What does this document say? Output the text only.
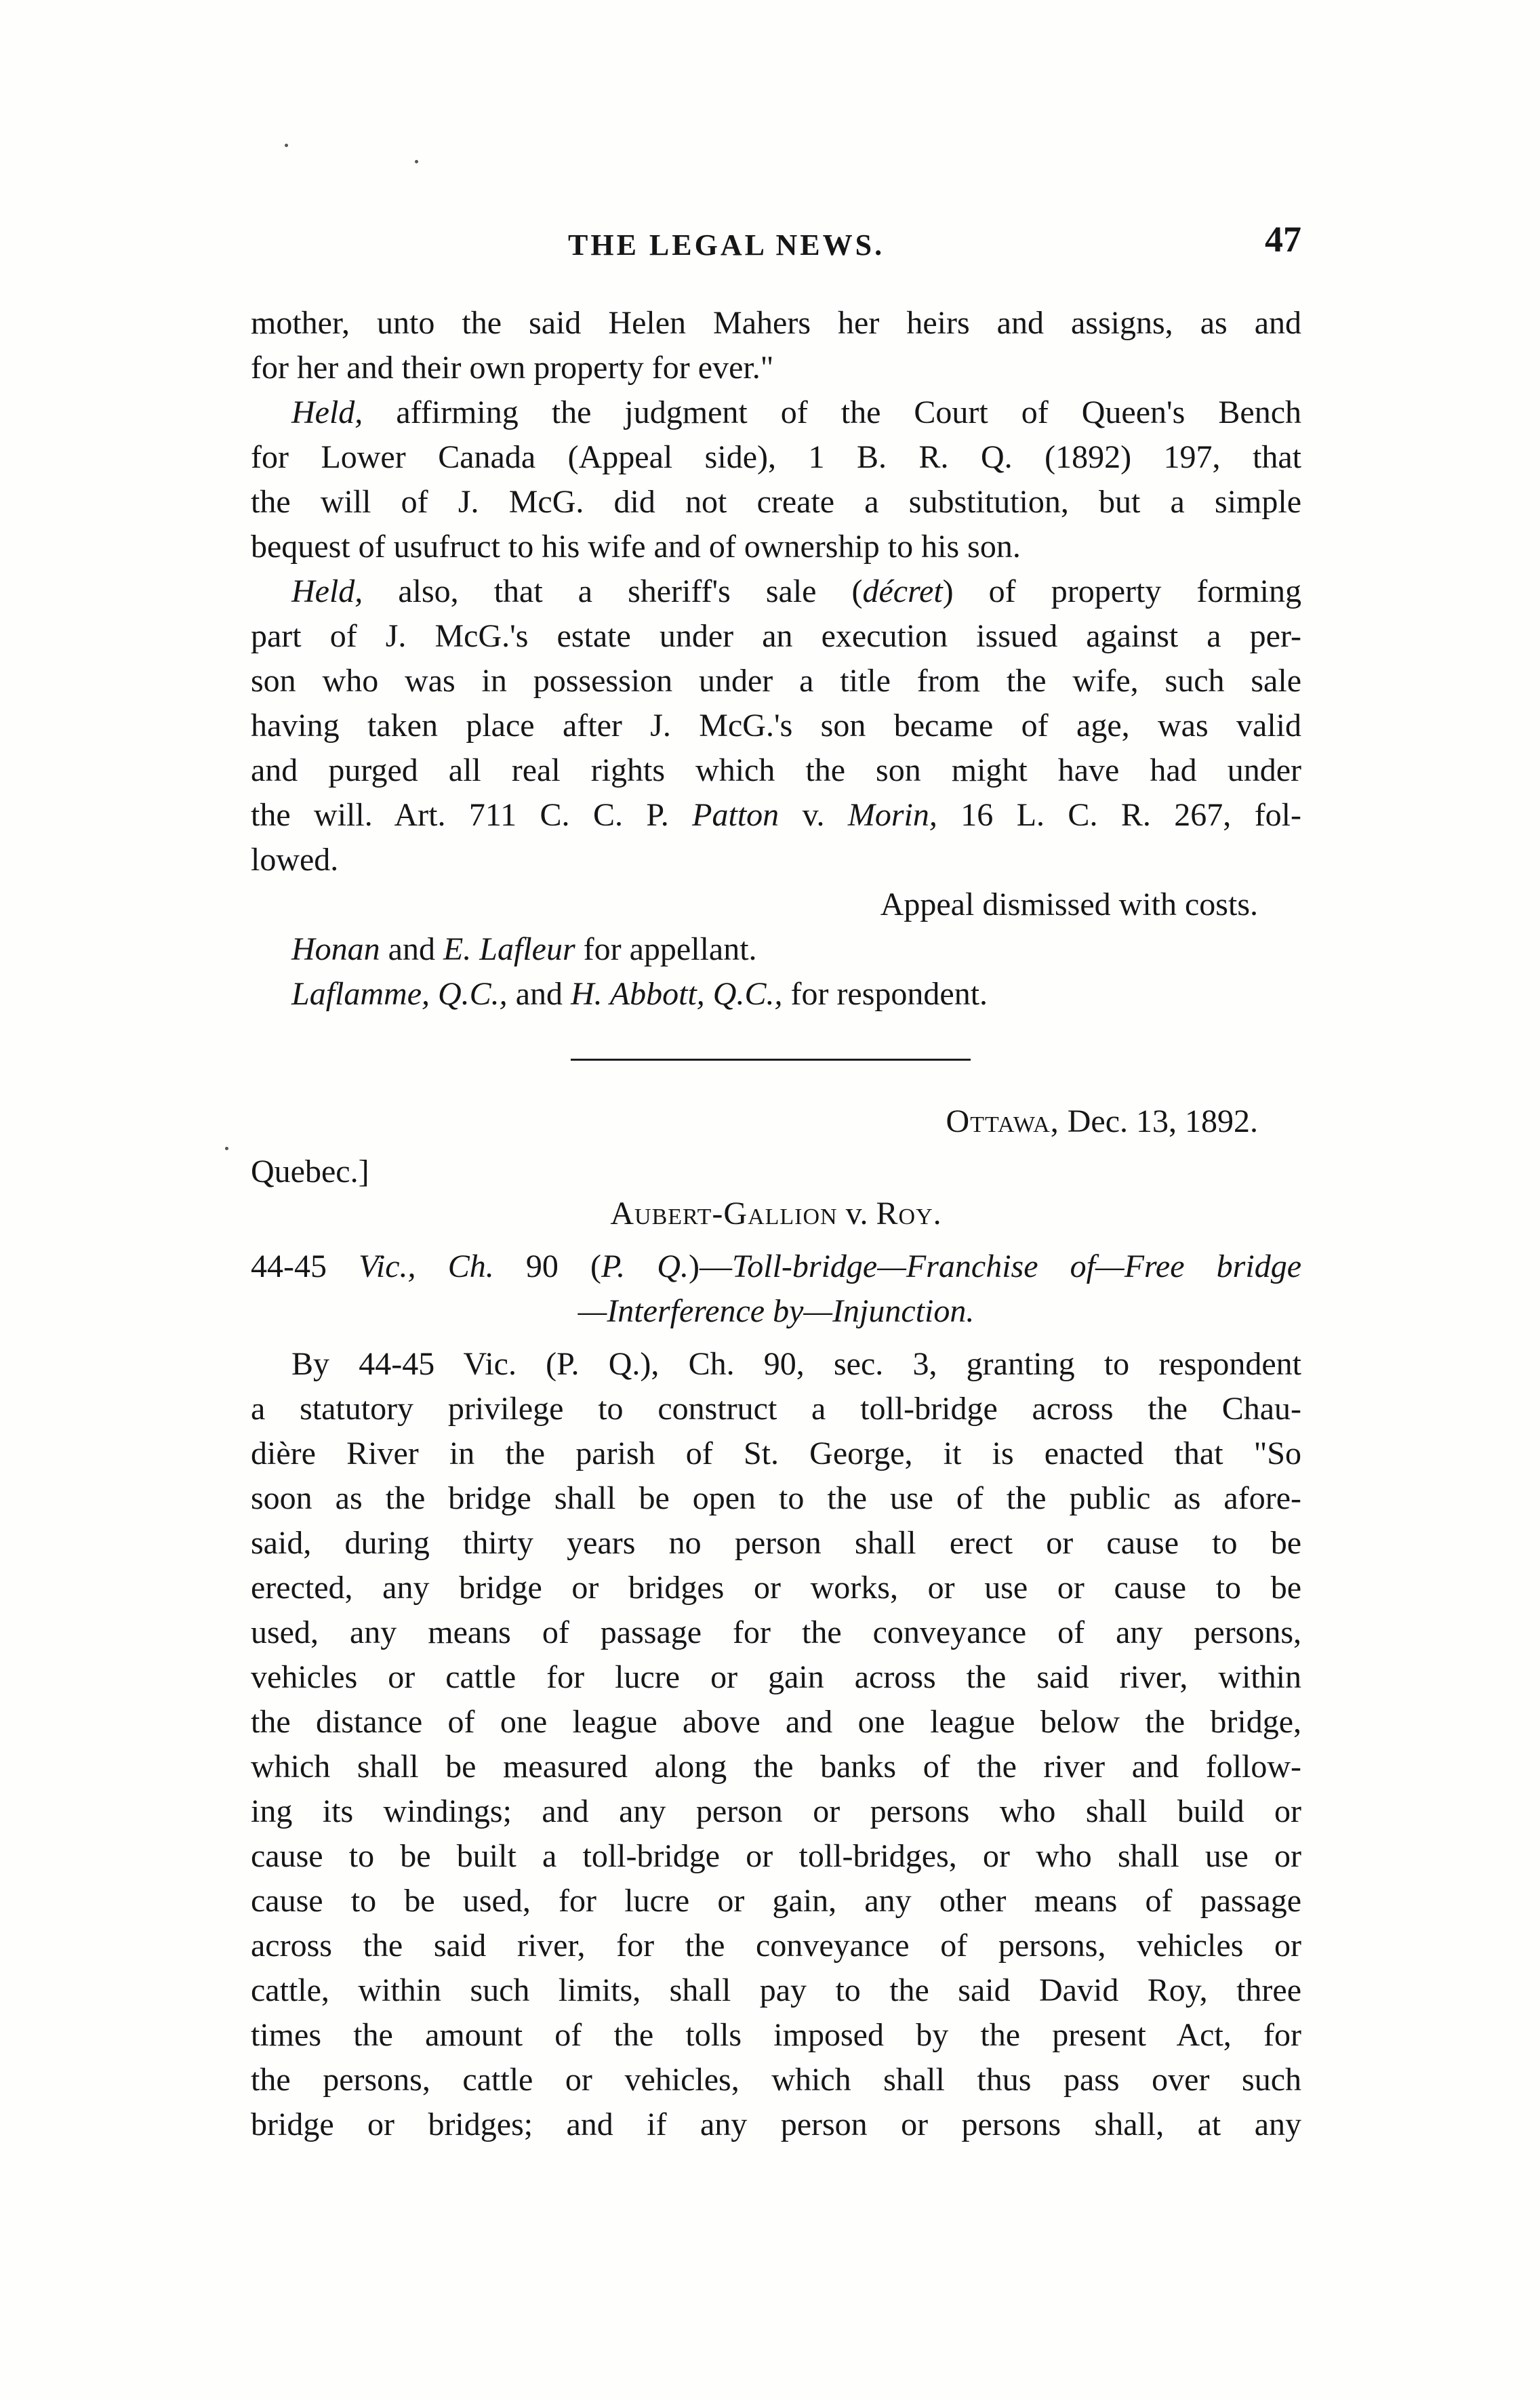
THE LEGAL NEWS.	47
mother, unto the said Helen Mahers her heirs and assigns, as and
for her and their own property for ever."
Held, affirming the judgment of the Court of Queen's Bench
for Lower Canada (Appeal side), 1 B. R. Q. (1892) 197, that
the will of J. McG. did not create a substitution, but a simple
bequest of usufruct to his wife and of ownership to his son.
Held, also, that a sheriff's sale (décret) of property forming
part of J. McG.'s estate under an execution issued against a per-
son who was in possession under a title from the wife, such sale
having taken place after J. McG.'s son became of age, was valid
and purged all real rights which the son might have had under
the will. Art. 711 C. C. P. Patton v. Morin, 16 L. C. R. 267, fol-
lowed.
Appeal dismissed with costs.
Honan and E. Lafleur for appellant.
Laflamme, Q.C., and H. Abbott, Q.C., for respondent.
Ottawa, Dec. 13, 1892.
Quebec.]
Aubert-Gallion v. Roy.
44-45 Vic., Ch. 90 (P. Q.)—Toll-bridge—Franchise of—Free bridge
—Interference by—Injunction.
By 44-45 Vic. (P. Q.), Ch. 90, sec. 3, granting to respondent
a statutory privilege to construct a toll-bridge across the Chau-
dière River in the parish of St. George, it is enacted that "So
soon as the bridge shall be open to the use of the public as afore-
said, during thirty years no person shall erect or cause to be
erected, any bridge or bridges or works, or use or cause to be
used, any means of passage for the conveyance of any persons,
vehicles or cattle for lucre or gain across the said river, within
the distance of one league above and one league below the bridge,
which shall be measured along the banks of the river and follow-
ing its windings; and any person or persons who shall build or
cause to be built a toll-bridge or toll-bridges, or who shall use or
cause to be used, for lucre or gain, any other means of passage
across the said river, for the conveyance of persons, vehicles or
cattle, within such limits, shall pay to the said David Roy, three
times the amount of the tolls imposed by the present Act, for
the persons, cattle or vehicles, which shall thus pass over such
bridge or bridges; and if any person or persons shall, at any
